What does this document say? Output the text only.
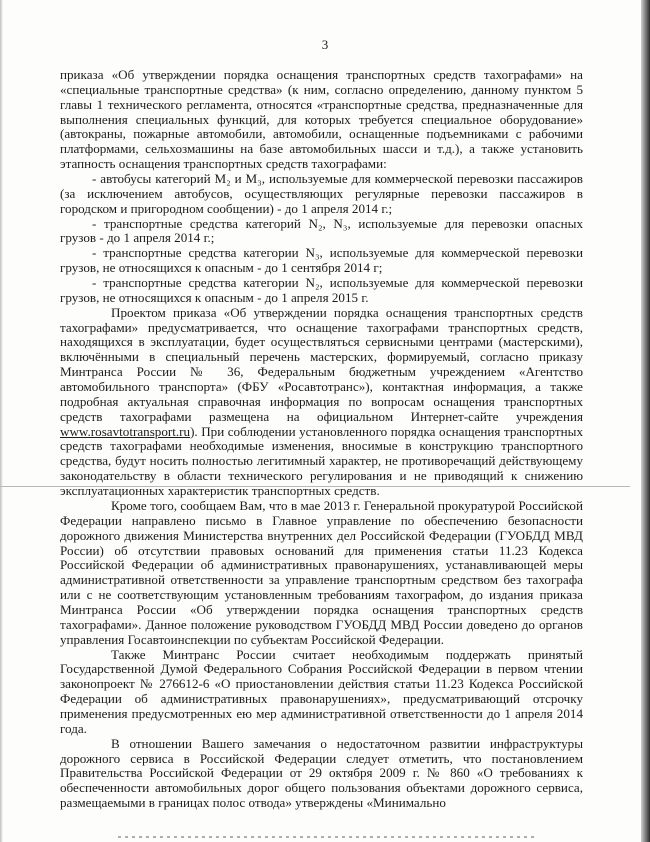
3

приказа «Об утверждении порядка оснащения транспортных средств тахографами» на «специальные транспортные средства» (к ним, согласно определению, данному пунктом 5 главы 1 технического регламента, относятся «транспортные средства, предназначенные для выполнения специальных функций, для которых требуется специальное оборудование» (автокраны, пожарные автомобили, автомобили, оснащенные подъемниками с рабочими платформами, сельхозмашины на базе автомобильных шасси и т.д.), а также установить этапность оснащения транспортных средств тахографами:

- автобусы категорий М₂ и М₃, используемые для коммерческой перевозки пассажиров (за исключением автобусов, осуществляющих регулярные перевозки пассажиров в городском и пригородном сообщении) - до 1 апреля 2014 г.;

- транспортные средства категорий N₂, N₃, используемые для перевозки опасных грузов - до 1 апреля 2014 г.;

- транспортные средства категории N₃, используемые для коммерческой перевозки грузов, не относящихся к опасным - до 1 сентября 2014 г;

- транспортные средства категории N₂, используемые для коммерческой перевозки грузов, не относящихся к опасным - до 1 апреля 2015 г.

Проектом приказа «Об утверждении порядка оснащения транспортных средств тахографами» предусматривается, что оснащение тахографами транспортных средств, находящихся в эксплуатации, будет осуществляться сервисными центрами (мастерскими), включёнными в специальный перечень мастерских, формируемый, согласно приказу Минтранса России № 36, Федеральным бюджетным учреждением «Агентство автомобильного транспорта» (ФБУ «Росавтотранс»), контактная информация, а также подробная актуальная справочная информация по вопросам оснащения транспортных средств тахографами размещена на официальном Интернет-сайте учреждения www.rosavtotransport.ru). При соблюдении установленного порядка оснащения транспортных средств тахографами необходимые изменения, вносимые в конструкцию транспортного средства, будут носить полностью легитимный характер, не противоречащий действующему законодательству в области технического регулирования и не приводящий к снижению эксплуатационных характеристик транспортных средств.

Кроме того, сообщаем Вам, что в мае 2013 г. Генеральной прокуратурой Российской Федерации направлено письмо в Главное управление по обеспечению безопасности дорожного движения Министерства внутренних дел Российской Федерации (ГУОБДД МВД России) об отсутствии правовых оснований для применения статьи 11.23 Кодекса Российской Федерации об административных правонарушениях, устанавливающей меры административной ответственности за управление транспортным средством без тахографа или с не соответствующим установленным требованиям тахографом, до издания приказа Минтранса России «Об утверждении порядка оснащения транспортных средств тахографами». Данное положение руководством ГУОБДД МВД России доведено до органов управления Госавтоинспекции по субъектам Российской Федерации.

Также Минтранс России считает необходимым поддержать принятый Государственной Думой Федерального Собрания Российской Федерации в первом чтении законопроект № 276612-6 «О приостановлении действия статьи 11.23 Кодекса Российской Федерации об административных правонарушениях», предусматривающий отсрочку применения предусмотренных ею мер административной ответственности до 1 апреля 2014 года.

В отношении Вашего замечания о недостаточном развитии инфраструктуры дорожного сервиса в Российской Федерации следует отметить, что постановлением Правительства Российской Федерации от 29 октября 2009 г. № 860 «О требованиях к обеспеченности автомобильных дорог общего пользования объектами дорожного сервиса, размещаемыми в границах полос отвода» утверждены «Минимально
